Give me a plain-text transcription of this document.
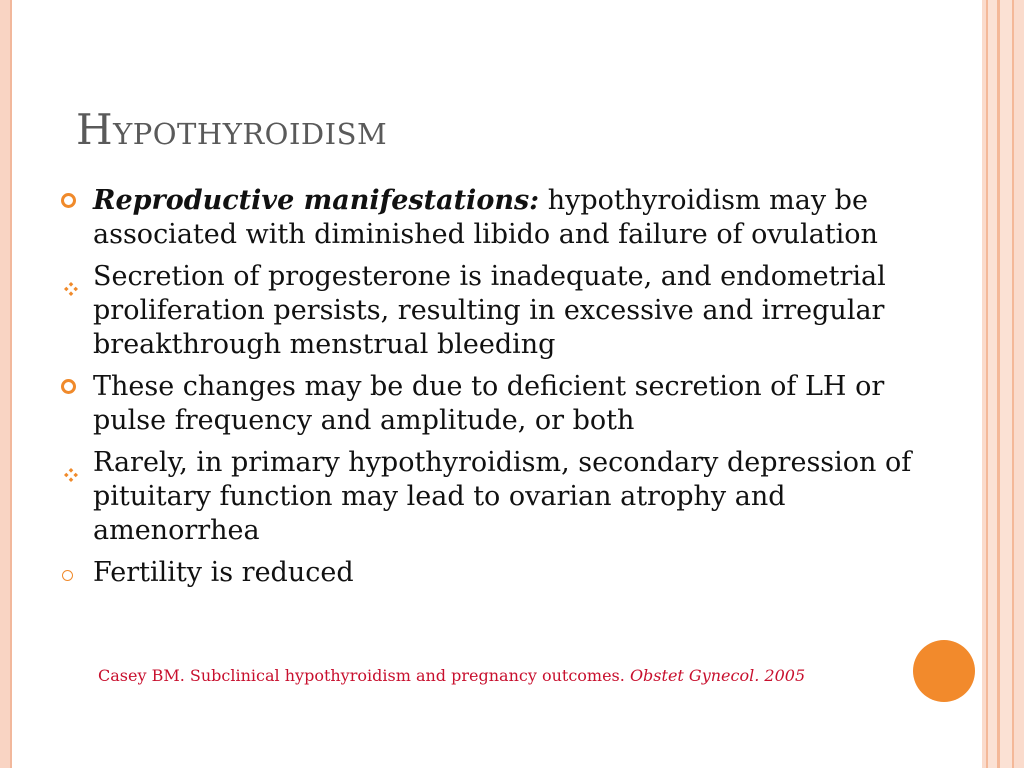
Hypothyroidism
Reproductive manifestations: hypothyroidism may be associated with diminished libido and failure of ovulation
Secretion of progesterone is inadequate, and endometrial proliferation persists, resulting in excessive and irregular breakthrough menstrual bleeding
These changes may be due to deficient secretion of LH or pulse frequency and amplitude, or both
Rarely, in primary hypothyroidism, secondary depression of pituitary function may lead to ovarian atrophy and amenorrhea
Fertility is reduced
Casey BM. Subclinical hypothyroidism and pregnancy outcomes. Obstet Gynecol. 2005
